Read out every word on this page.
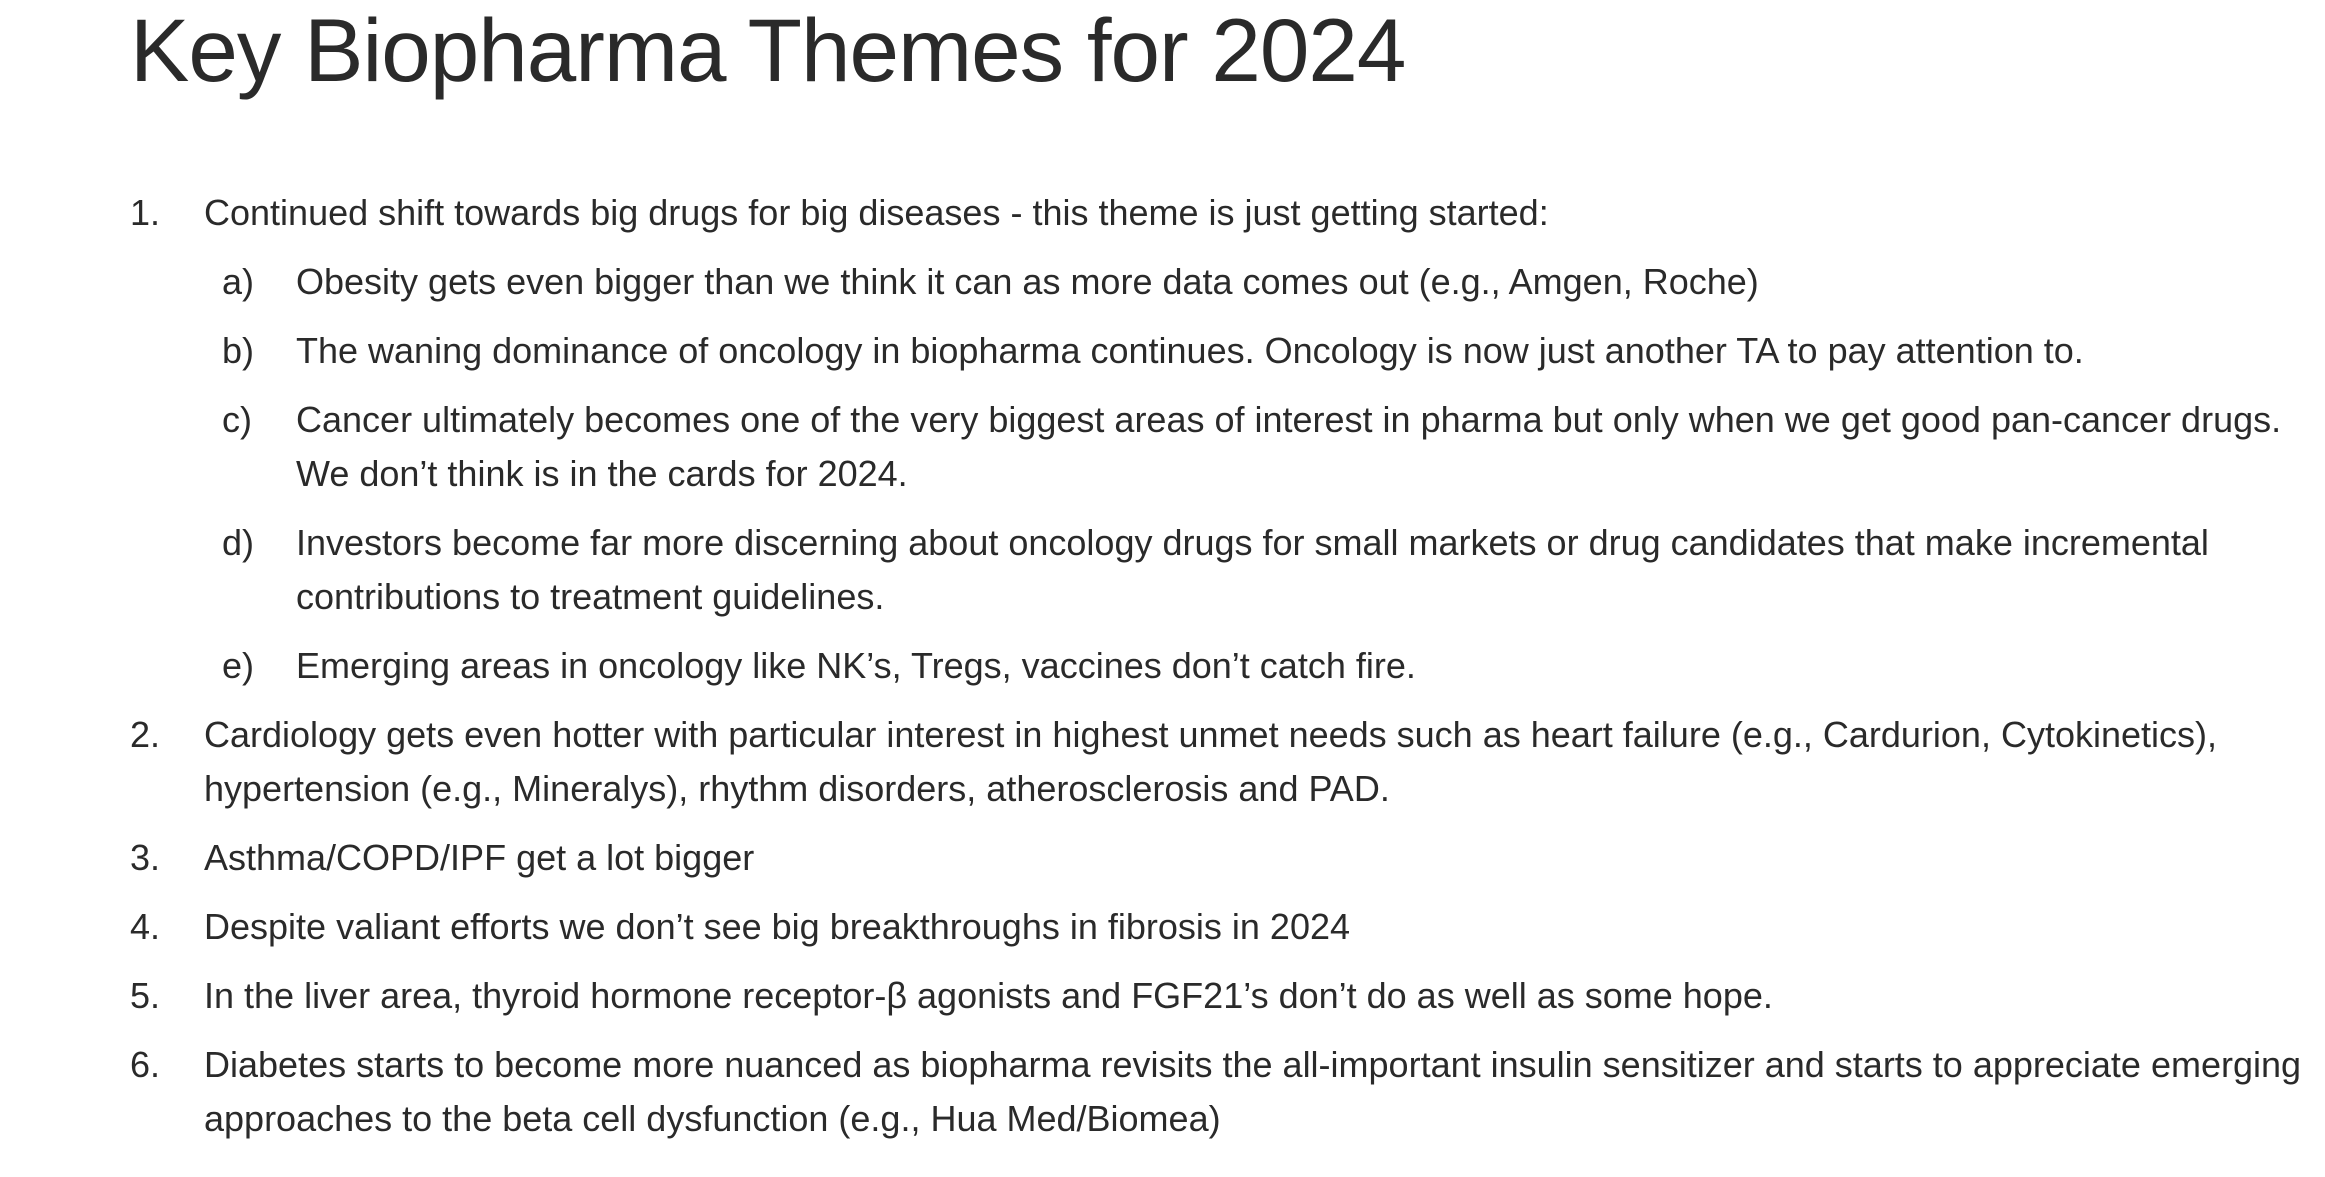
Key Biopharma Themes for 2024
1. Continued shift towards big drugs for big diseases - this theme is just getting started:
a) Obesity gets even bigger than we think it can as more data comes out (e.g., Amgen, Roche)
b) The waning dominance of oncology in biopharma continues. Oncology is now just another TA to pay attention to.
c) Cancer ultimately becomes one of the very biggest areas of interest in pharma but only when we get good pan-cancer drugs. We don’t think is in the cards for 2024.
d) Investors become far more discerning about oncology drugs for small markets or drug candidates that make incremental contributions to treatment guidelines.
e) Emerging areas in oncology like NK’s, Tregs, vaccines don’t catch fire.
2. Cardiology gets even hotter with particular interest in highest unmet needs such as heart failure (e.g., Cardurion, Cytokinetics), hypertension (e.g., Mineralys), rhythm disorders, atherosclerosis and PAD.
3. Asthma/COPD/IPF get a lot bigger
4. Despite valiant efforts we don’t see big breakthroughs in fibrosis in 2024
5. In the liver area, thyroid hormone receptor-β agonists and FGF21’s don’t do as well as some hope.
6. Diabetes starts to become more nuanced as biopharma revisits the all-important insulin sensitizer and starts to appreciate emerging approaches to the beta cell dysfunction (e.g., Hua Med/Biomea)
